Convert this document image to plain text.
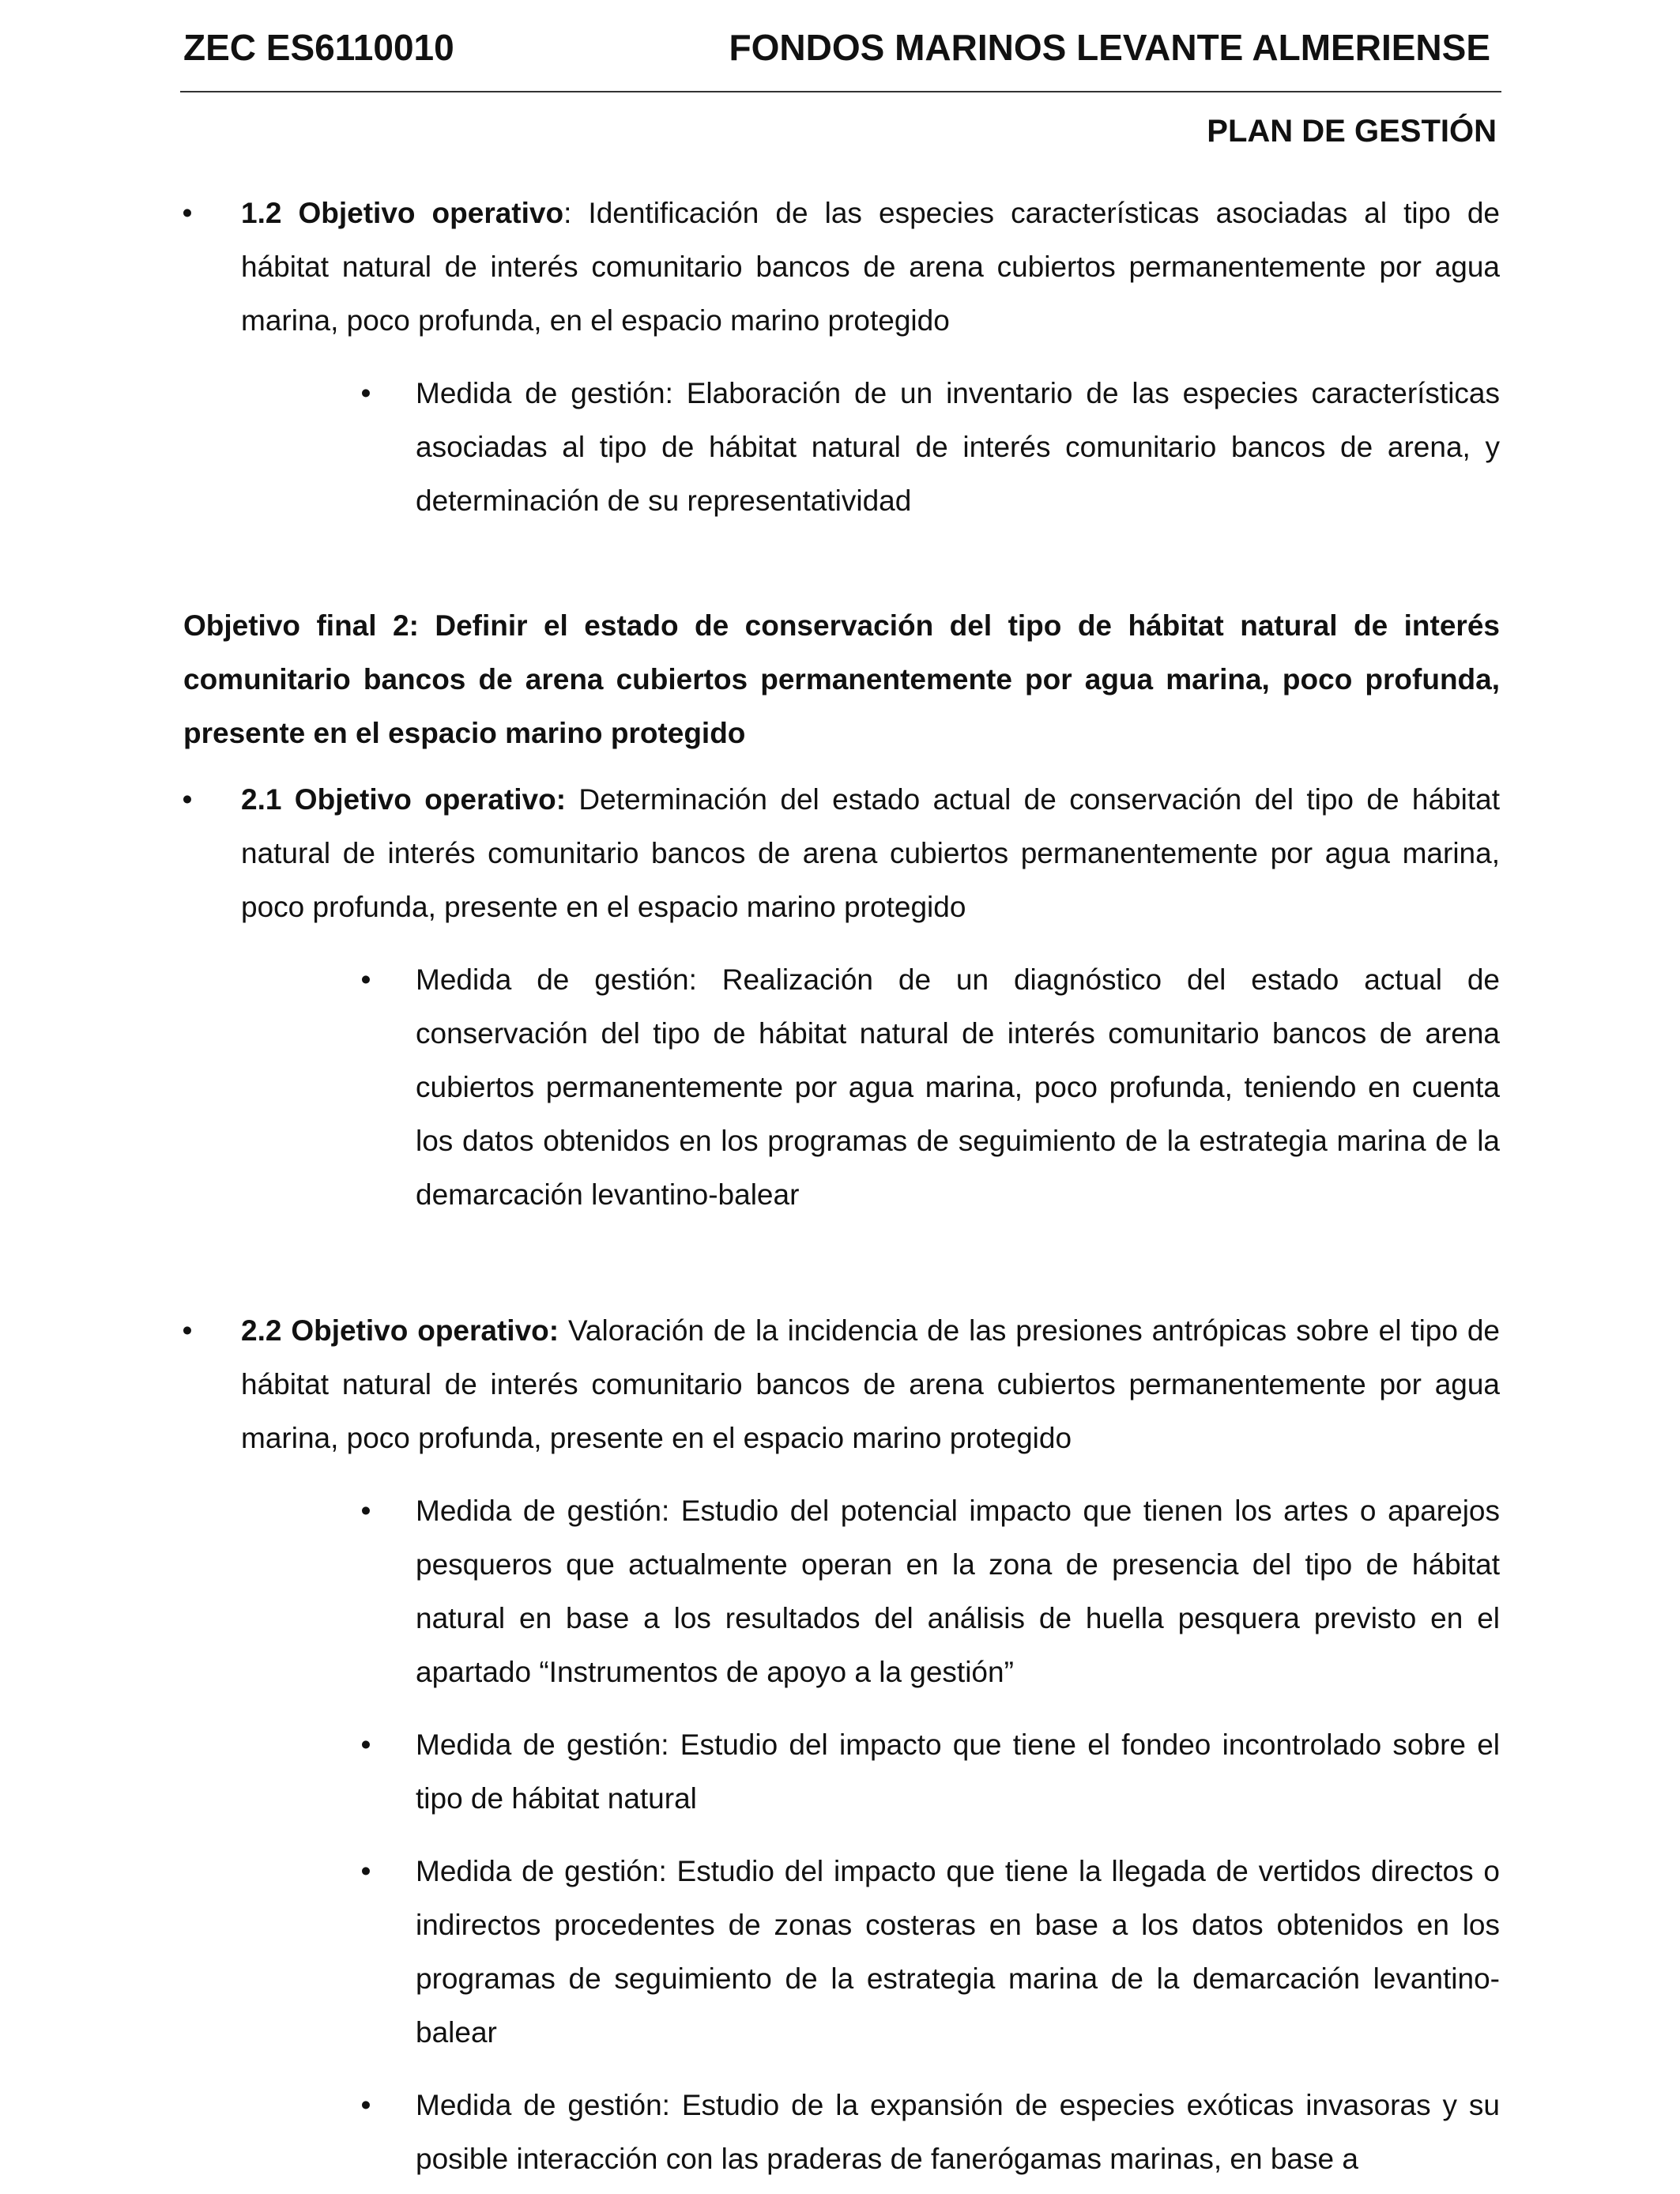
ZEC ES6110010	FONDOS MARINOS LEVANTE ALMERIENSE
PLAN DE GESTIÓN
• 1.2 Objetivo operativo: Identificación de las especies características asociadas al tipo de hábitat natural de interés comunitario bancos de arena cubiertos permanentemente por agua marina, poco profunda, en el espacio marino protegido

• Medida de gestión: Elaboración de un inventario de las especies características asociadas al tipo de hábitat natural de interés comunitario bancos de arena, y determinación de su representatividad

Objetivo final 2: Definir el estado de conservación del tipo de hábitat natural de interés comunitario bancos de arena cubiertos permanentemente por agua marina, poco profunda, presente en el espacio marino protegido

• 2.1 Objetivo operativo: Determinación del estado actual de conservación del tipo de hábitat natural de interés comunitario bancos de arena cubiertos permanentemente por agua marina, poco profunda, presente en el espacio marino protegido

• Medida de gestión: Realización de un diagnóstico del estado actual de conservación del tipo de hábitat natural de interés comunitario bancos de arena cubiertos permanentemente por agua marina, poco profunda, teniendo en cuenta los datos obtenidos en los programas de seguimiento de la estrategia marina de la demarcación levantino-balear

• 2.2 Objetivo operativo: Valoración de la incidencia de las presiones antrópicas sobre el tipo de hábitat natural de interés comunitario bancos de arena cubiertos permanentemente por agua marina, poco profunda, presente en el espacio marino protegido

• Medida de gestión: Estudio del potencial impacto que tienen los artes o aparejos pesqueros que actualmente operan en la zona de presencia del tipo de hábitat natural en base a los resultados del análisis de huella pesquera previsto en el apartado “Instrumentos de apoyo a la gestión”

• Medida de gestión: Estudio del impacto que tiene el fondeo incontrolado sobre el tipo de hábitat natural

• Medida de gestión: Estudio del impacto que tiene la llegada de vertidos directos o indirectos procedentes de zonas costeras en base a los datos obtenidos en los programas de seguimiento de la estrategia marina de la demarcación levantino-balear

• Medida de gestión: Estudio de la expansión de especies exóticas invasoras y su posible interacción con las praderas de fanerógamas marinas, en base a
